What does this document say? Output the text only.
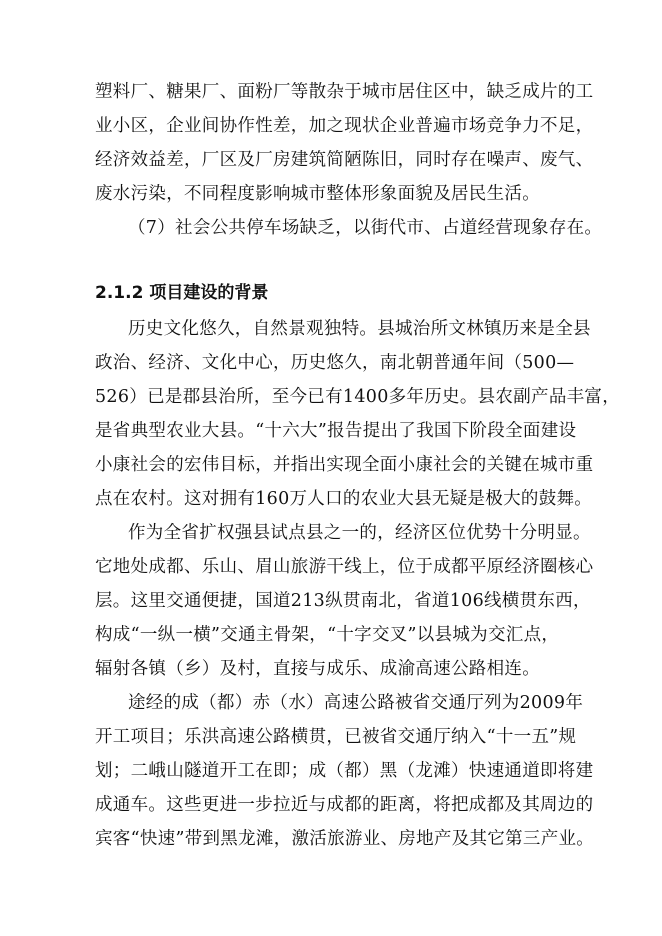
塑料厂、糖果厂、面粉厂等散杂于城市居住区中，缺乏成片的工
业小区，企业间协作性差，加之现状企业普遍市场竞争力不足，
经济效益差，厂区及厂房建筑简陋陈旧，同时存在噪声、废气、
废水污染，不同程度影响城市整体形象面貌及居民生活。
（7）社会公共停车场缺乏，以街代市、占道经营现象存在。
2.1.2 项目建设的背景
历史文化悠久，自然景观独特。县城治所文林镇历来是全县
政治、经济、文化中心，历史悠久，南北朝普通年间（500—
526）已是郡县治所，至今已有1400多年历史。县农副产品丰富，
是省典型农业大县。“十六大”报告提出了我国下阶段全面建设
小康社会的宏伟目标，并指出实现全面小康社会的关键在城市重
点在农村。这对拥有160万人口的农业大县无疑是极大的鼓舞。
作为全省扩权强县试点县之一的，经济区位优势十分明显。
它地处成都、乐山、眉山旅游干线上，位于成都平原经济圈核心
层。这里交通便捷，国道213纵贯南北，省道106线横贯东西，
构成“一纵一横”交通主骨架，“十字交叉”以县城为交汇点，
辐射各镇（乡）及村，直接与成乐、成渝高速公路相连。
途经的成（都）赤（水）高速公路被省交通厅列为2009年
开工项目；乐洪高速公路横贯，已被省交通厅纳入“十一五”规
划；二峨山隧道开工在即；成（都）黑（龙滩）快速通道即将建
成通车。这些更进一步拉近与成都的距离，将把成都及其周边的
宾客“快速”带到黑龙滩，激活旅游业、房地产及其它第三产业。
